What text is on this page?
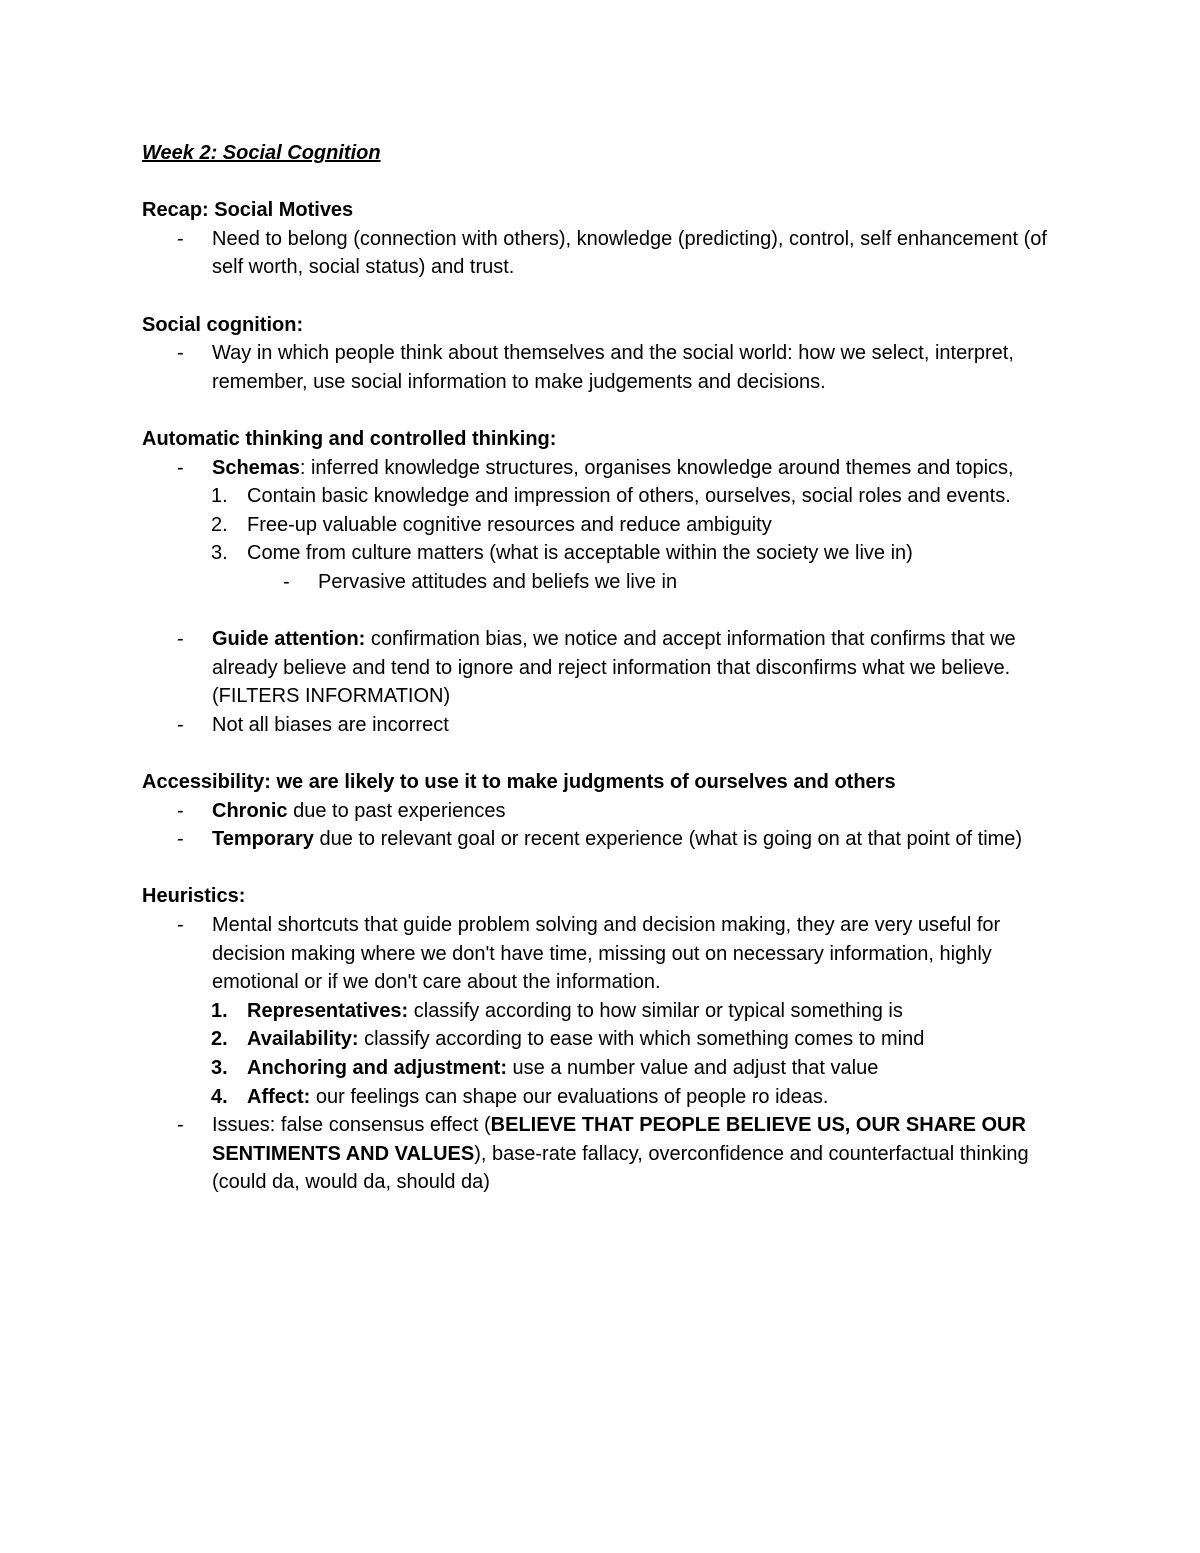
Week 2: Social Cognition

Recap: Social Motives

- Need to belong (connection with others), knowledge (predicting), control, self enhancement (of self worth, social status) and trust.

Social cognition:

- Way in which people think about themselves and the social world: how we select, interpret, remember, use social information to make judgements and decisions.

Automatic thinking and controlled thinking:

- Schemas: inferred knowledge structures, organises knowledge around themes and topics,
1. Contain basic knowledge and impression of others, ourselves, social roles and events.
2. Free-up valuable cognitive resources and reduce ambiguity
3. Come from culture matters (what is acceptable within the society we live in)
- Pervasive attitudes and beliefs we live in
- Guide attention: confirmation bias, we notice and accept information that confirms that we already believe and tend to ignore and reject information that disconfirms what we believe. (FILTERS INFORMATION)
- Not all biases are incorrect

Accessibility: we are likely to use it to make judgments of ourselves and others

- Chronic due to past experiences
- Temporary due to relevant goal or recent experience (what is going on at that point of time)

Heuristics:

- Mental shortcuts that guide problem solving and decision making, they are very useful for decision making where we don't have time, missing out on necessary information, highly emotional or if we don't care about the information.
1. Representatives: classify according to how similar or typical something is
2. Availability: classify according to ease with which something comes to mind
3. Anchoring and adjustment: use a number value and adjust that value
4. Affect: our feelings can shape our evaluations of people ro ideas.
- Issues: false consensus effect (BELIEVE THAT PEOPLE BELIEVE US, OUR SHARE OUR SENTIMENTS AND VALUES), base-rate fallacy, overconfidence and counterfactual thinking (could da, would da, should da)
